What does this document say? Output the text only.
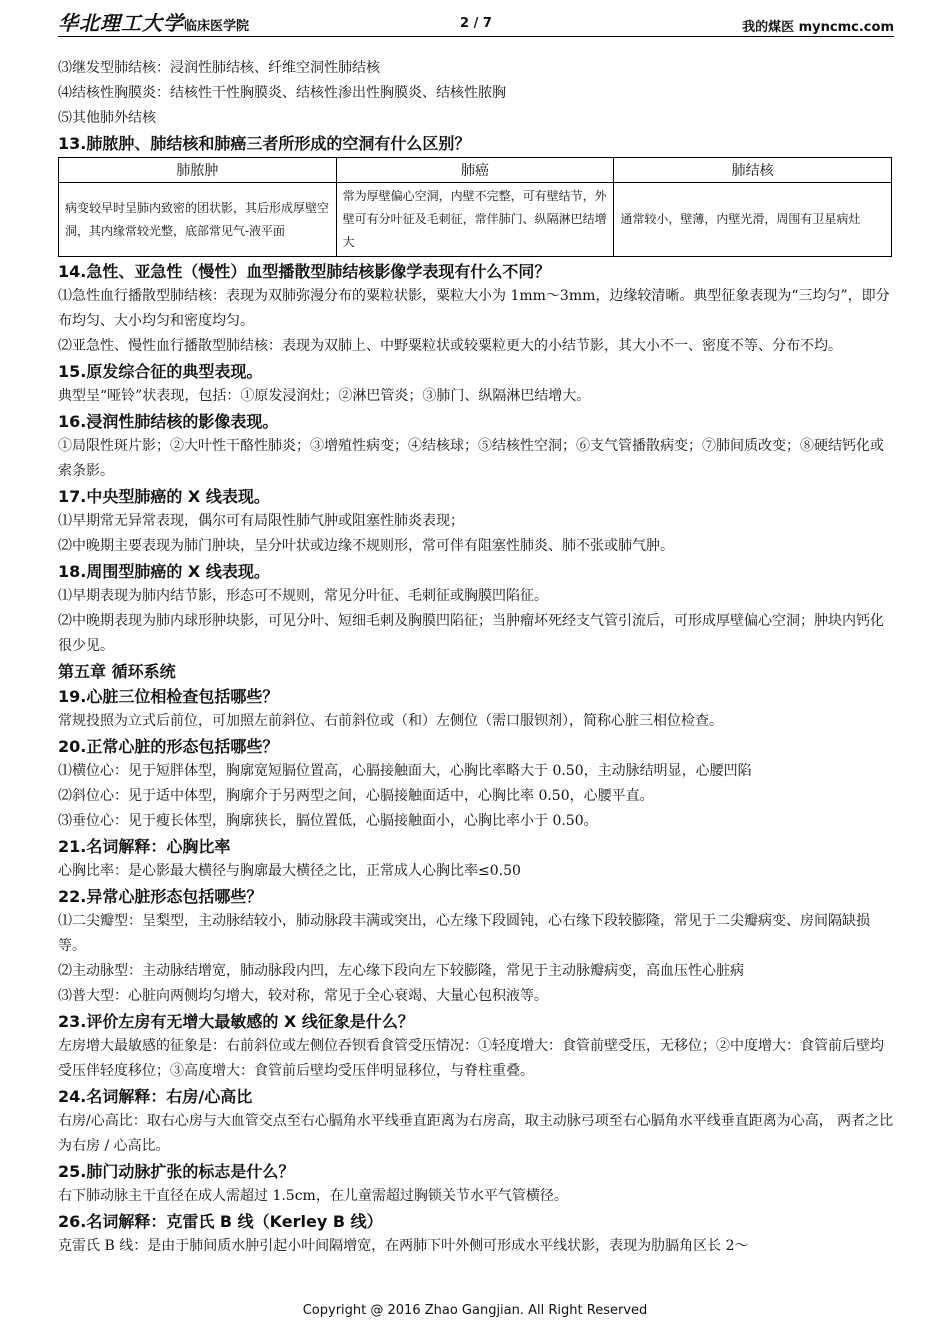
华北理工大学临床医学院	2 / 7	我的煤医 myncmc.com

⑶继发型肺结核：浸润性肺结核、纤维空洞性肺结核

⑷结核性胸膜炎：结核性干性胸膜炎、结核性渗出性胸膜炎、结核性脓胸

⑸其他肺外结核

13.肺脓肿、肺结核和肺癌三者所形成的空洞有什么区别？

肺脓肿	肺癌	肺结核
病变较早时呈肺内致密的团状影，其后形成厚壁空洞，其内缘常较光整，底部常见气-液平面	常为厚壁偏心空洞，内壁不完整，可有壁结节，外壁可有分叶征及毛刺征，常伴肺门、纵隔淋巴结增大	通常较小，壁薄，内壁光滑，周围有卫星病灶

14.急性、亚急性（慢性）血型播散型肺结核影像学表现有什么不同？

⑴急性血行播散型肺结核：表现为双肺弥漫分布的粟粒状影，粟粒大小为 1mm～3mm，边缘较清晰。典型征象表现为“三均匀”，即分布均匀、大小均匀和密度均匀。

⑵亚急性、慢性血行播散型肺结核：表现为双肺上、中野粟粒状或较粟粒更大的小结节影，其大小不一、密度不等、分布不均。

15.原发综合征的典型表现。

典型呈“哑铃”状表现，包括：①原发浸润灶；②淋巴管炎；③肺门、纵隔淋巴结增大。

16.浸润性肺结核的影像表现。

①局限性斑片影；②大叶性干酪性肺炎；③增殖性病变；④结核球；⑤结核性空洞；⑥支气管播散病变；⑦肺间质改变；⑧硬结钙化或索条影。

17.中央型肺癌的 X 线表现。

⑴早期常无异常表现，偶尔可有局限性肺气肿或阻塞性肺炎表现；

⑵中晚期主要表现为肺门肿块，呈分叶状或边缘不规则形，常可伴有阻塞性肺炎、肺不张或肺气肿。

18.周围型肺癌的 X 线表现。

⑴早期表现为肺内结节影，形态可不规则，常见分叶征、毛刺征或胸膜凹陷征。

⑵中晚期表现为肺内球形肿块影，可见分叶、短细毛刺及胸膜凹陷征；当肿瘤坏死经支气管引流后，可形成厚壁偏心空洞；肿块内钙化很少见。

第五章 循环系统

19.心脏三位相检查包括哪些？

常规投照为立式后前位，可加照左前斜位、右前斜位或（和）左侧位（需口服钡剂），简称心脏三相位检查。

20.正常心脏的形态包括哪些？

⑴横位心：见于短胖体型，胸廓宽短膈位置高，心膈接触面大，心胸比率略大于 0.50，主动脉结明显，心腰凹陷

⑵斜位心：见于适中体型，胸廓介于另两型之间，心膈接触面适中，心胸比率 0.50，心腰平直。

⑶垂位心：见于瘦长体型，胸廓狭长，膈位置低，心膈接触面小，心胸比率小于 0.50。

21.名词解释：心胸比率

心胸比率：是心影最大横径与胸廓最大横径之比，正常成人心胸比率≤0.50

22.异常心脏形态包括哪些？

⑴二尖瓣型：呈梨型，主动脉结较小，肺动脉段丰满或突出，心左缘下段圆钝，心右缘下段较膨隆，常见于二尖瓣病变、房间隔缺损等。

⑵主动脉型：主动脉结增宽，肺动脉段内凹，左心缘下段向左下较膨隆，常见于主动脉瓣病变，高血压性心脏病

⑶普大型：心脏向两侧均匀增大，较对称，常见于全心衰竭、大量心包积液等。

23.评价左房有无增大最敏感的 X 线征象是什么？

左房增大最敏感的征象是：右前斜位或左侧位吞钡看食管受压情况：①轻度增大：食管前壁受压，无移位；②中度增大：食管前后壁均受压伴轻度移位；③高度增大：食管前后壁均受压伴明显移位，与脊柱重叠。

24.名词解释：右房/心高比

右房/心高比：取右心房与大血管交点至右心膈角水平线垂直距离为右房高，取主动脉弓项至右心膈角水平线垂直距离为心高， 两者之比为右房 / 心高比。

25.肺门动脉扩张的标志是什么？

右下肺动脉主干直径在成人需超过 1.5cm，在儿童需超过胸锁关节水平气管横径。

26.名词解释：克雷氏 B 线（Kerley B 线）

克雷氏 B 线：是由于肺间质水肿引起小叶间隔增宽，在两肺下叶外侧可形成水平线状影，表现为肋膈角区长 2～

Copyright @ 2016 Zhao Gangjian. All Right Reserved
